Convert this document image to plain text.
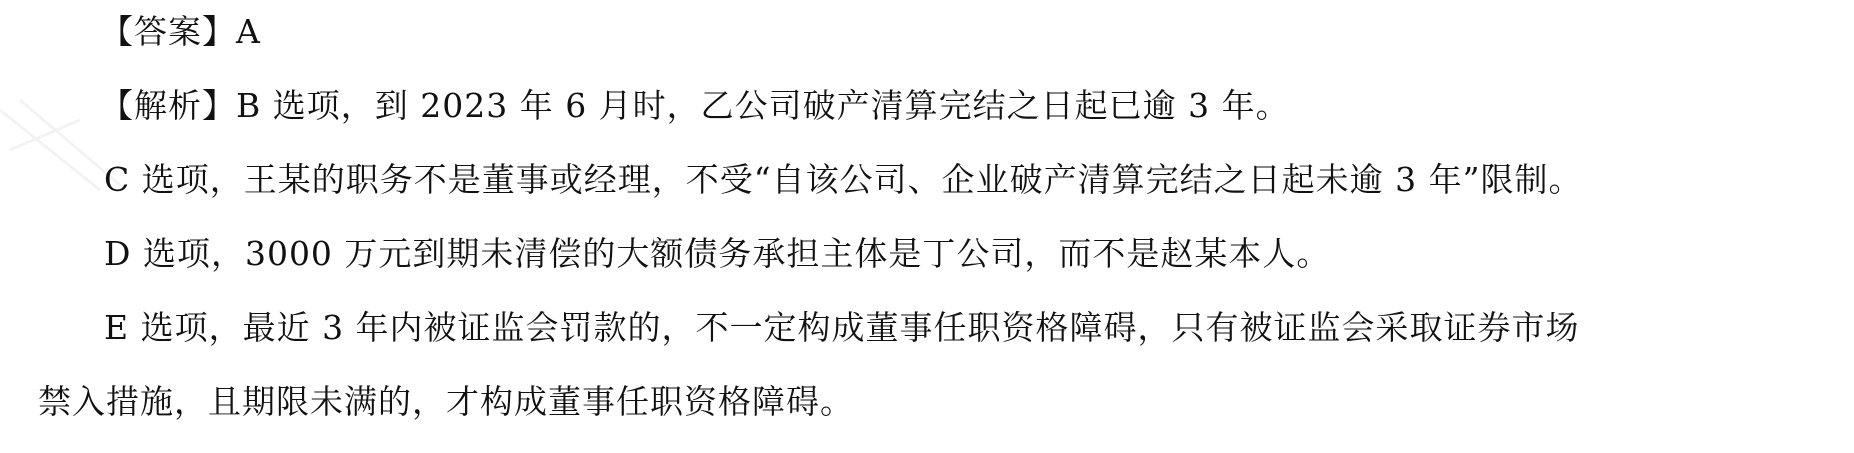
【答案】A
【解析】B 选项，到 2023 年 6 月时，乙公司破产清算完结之日起已逾 3 年。
C 选项，王某的职务不是董事或经理，不受“自该公司、企业破产清算完结之日起未逾 3 年”限制。
D 选项，3000 万元到期未清偿的大额债务承担主体是丁公司，而不是赵某本人。
E 选项，最近 3 年内被证监会罚款的，不一定构成董事任职资格障碍，只有被证监会采取证券市场
禁入措施，且期限未满的，才构成董事任职资格障碍。
